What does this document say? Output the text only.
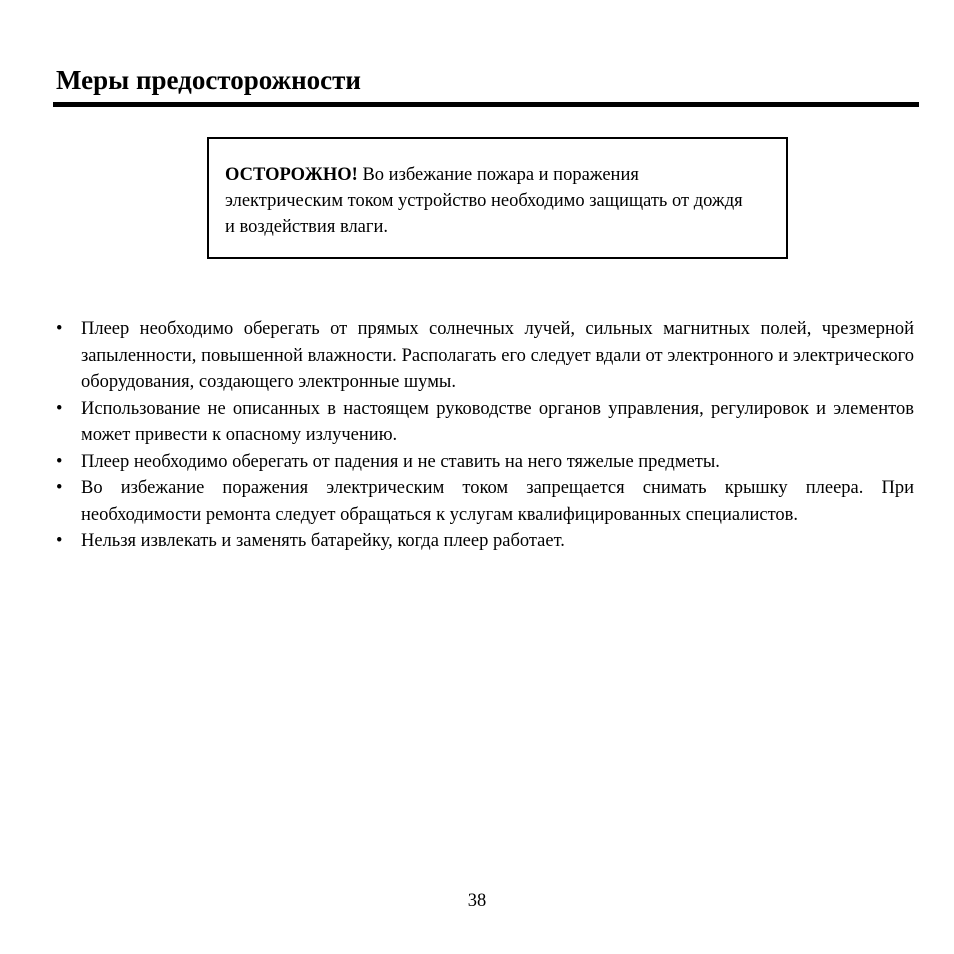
Меры предосторожности
ОСТОРОЖНО! Во избежание пожара и поражения электрическим током устройство необходимо защищать от дождя и воздействия влаги.
• Плеер необходимо оберегать от прямых солнечных лучей, сильных магнитных полей, чрезмерной запыленности, повышенной влажности. Располагать его следует вдали от электронного и электрического оборудования, создающего электронные шумы.
• Использование не описанных в настоящем руководстве органов управления, регулировок и элементов может привести к опасному излучению.
• Плеер необходимо оберегать от падения и не ставить на него тяжелые предметы.
• Во избежание поражения электрическим током запрещается снимать крышку плеера. При необходимости ремонта следует обращаться к услугам квалифицированных специалистов.
• Нельзя извлекать и заменять батарейку, когда плеер работает.
38
